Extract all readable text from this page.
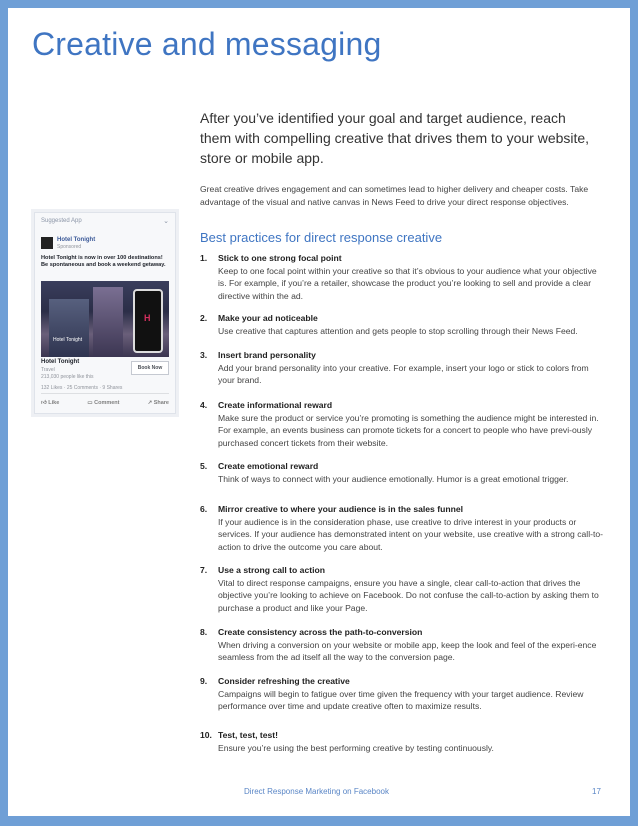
Creative and messaging
After you’ve identified your goal and target audience, reach them with compelling creative that drives them to your website, store or mobile app.
Great creative drives engagement and can sometimes lead to higher delivery and cheaper costs. Take advantage of the visual and native canvas in News Feed to drive your direct response objectives.
Suggested App	⌄
Hotel Tonight
Sponsored
Hotel Tonight is now in over 100 destinations! Be spontaneous and book a weekend getaway.
Hotel Tonight
H
Hotel Tonight
Travel
213,030 people like this
Book Now
132 Likes · 25 Comments · 9 Shares
👍︎ Like	▭ Comment	↗ Share
Best practices for direct response creative
1. Stick to one strong focal point
Keep to one focal point within your creative so that it’s obvious to your audience what your objective is. For example, if you’re a retailer, showcase the product you’re looking to sell and provide a clear directive within the ad.
2. Make your ad noticeable
Use creative that captures attention and gets people to stop scrolling through their News Feed.
3. Insert brand personality
Add your brand personality into your creative. For example, insert your logo or stick to colors from your brand.
4. Create informational reward
Make sure the product or service you’re promoting is something the audience might be interested in. For example, an events business can promote tickets for a concert to people who have previ-ously purchased concert tickets from their website.
5. Create emotional reward
Think of ways to connect with your audience emotionally. Humor is a great emotional trigger.
6. Mirror creative to where your audience is in the sales funnel
If your audience is in the consideration phase, use creative to drive interest in your products or services. If your audience has demonstrated intent on your website, use creative with a strong call-to-action to drive the outcome you care about.
7. Use a strong call to action
Vital to direct response campaigns, ensure you have a single, clear call-to-action that drives the objective you’re looking to achieve on Facebook. Do not confuse the call-to-action by asking them to purchase a product and like your Page.
8. Create consistency across the path-to-conversion
When driving a conversion on your website or mobile app, keep the look and feel of the experi-ence seamless from the ad itself all the way to the conversion page.
9. Consider refreshing the creative
Campaigns will begin to fatigue over time given the frequency with your target audience. Review performance over time and update creative often to maximize results.
10. Test, test, test!
Ensure you’re using the best performing creative by testing continuously.
Direct Response Marketing on Facebook	17
